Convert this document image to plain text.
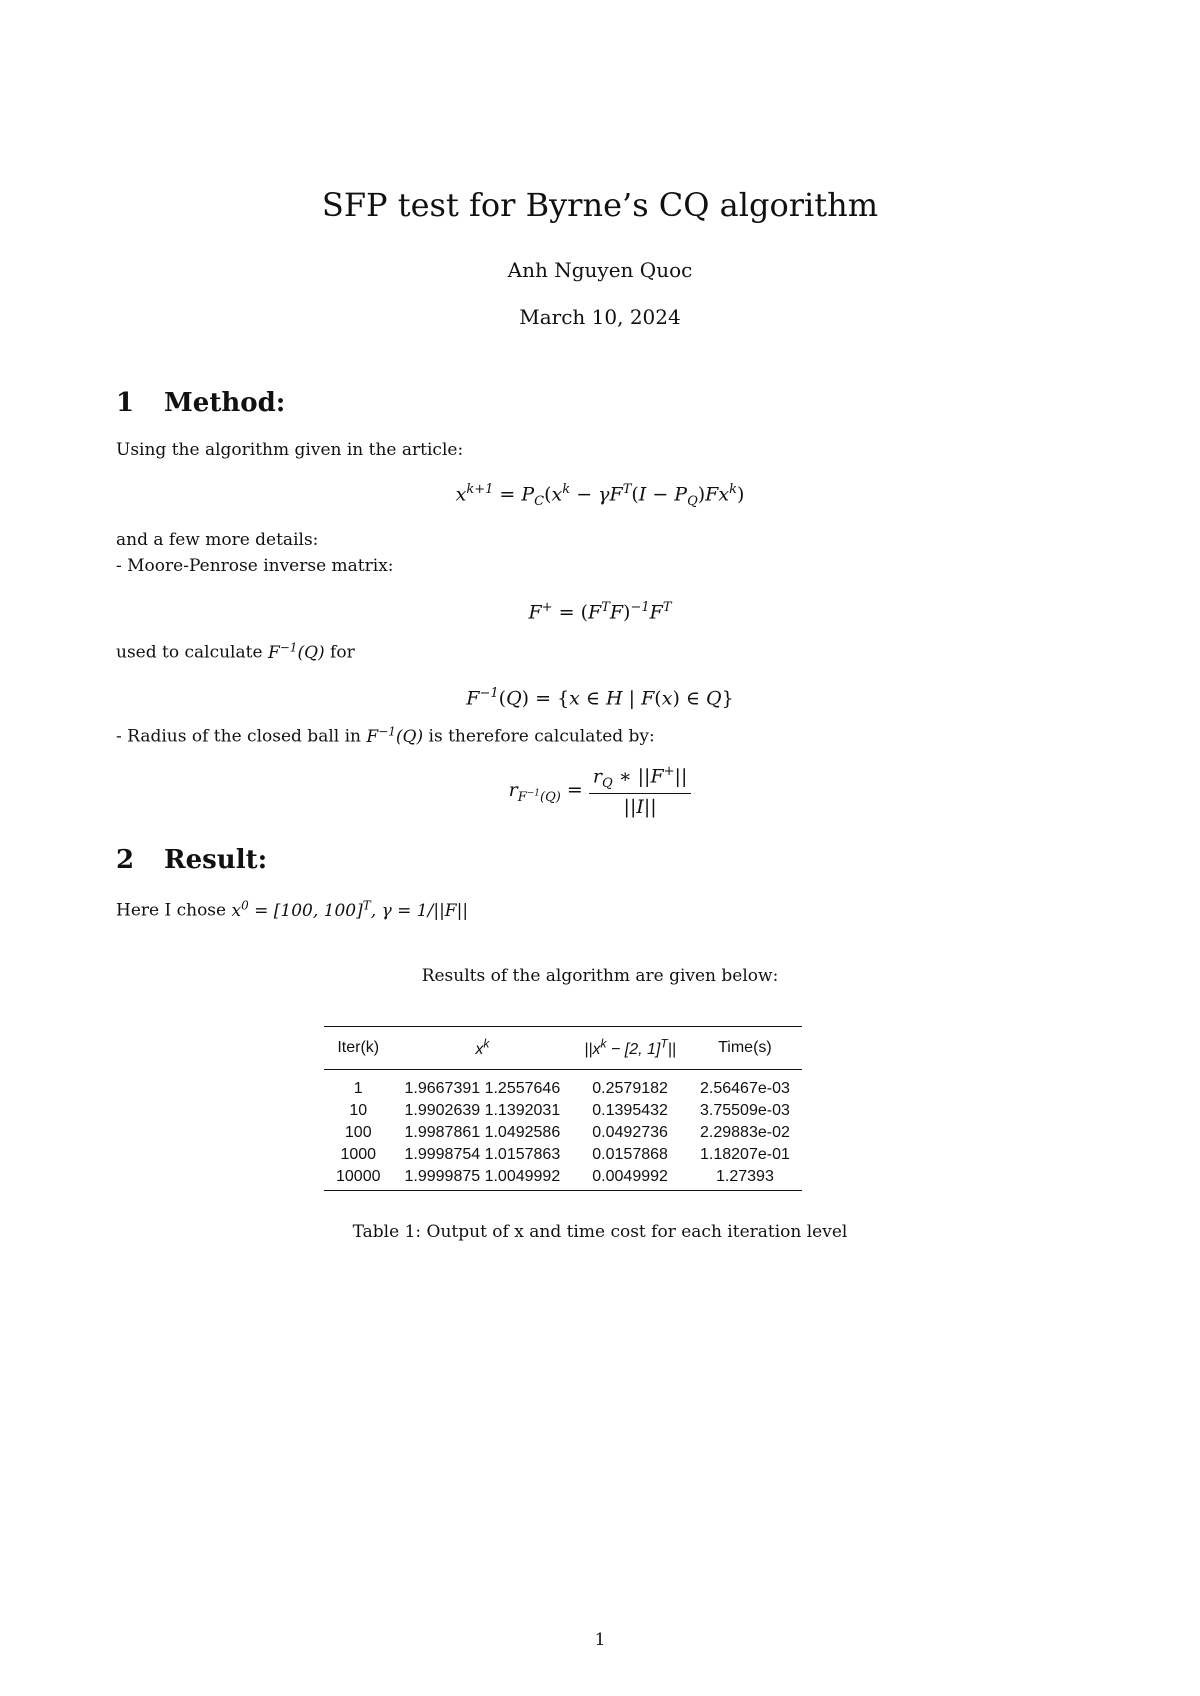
SFP test for Byrne’s CQ algorithm
Anh Nguyen Quoc
March 10, 2024
1 Method:
Using the algorithm given in the article:
$x^{k+1} = P_C(x^k - \gamma F^T(I - P_Q)Fx^k)$
and a few more details:
- Moore-Penrose inverse matrix:
$F^+ = (F^TF)^{-1}F^T$
used to calculate $F^{-1}(Q)$ for
$F^{-1}(Q) = \{x$ ∈ H | F(x) ∈ Q}
- Radius of the closed ball in $F^{-1}(Q)$ is therefore calculated by:
$r_{F^{-1}(Q)} = \frac{r_Q ∗ ||F^+||}{||I||}$
2 Result:
Here I chose $x^0 = [100$, 100]$^T$, γ = 1/||F||
Results of the algorithm are given below:
Iter(k)	$x^k$	$||x^k - [2$, 1]$^T$||	Time(s)
1	1.9667391 1.2557646	0.2579182	2.56467e-03
10	1.9902639 1.1392031	0.1395432	3.75509e-03
100	1.9987861 1.0492586	0.0492736	2.29883e-02
1000	1.9998754 1.0157863	0.0157868	1.18207e-01
10000	1.9999875 1.0049992	0.0049992	1.27393
Table 1: Output of x and time cost for each iteration level
1
